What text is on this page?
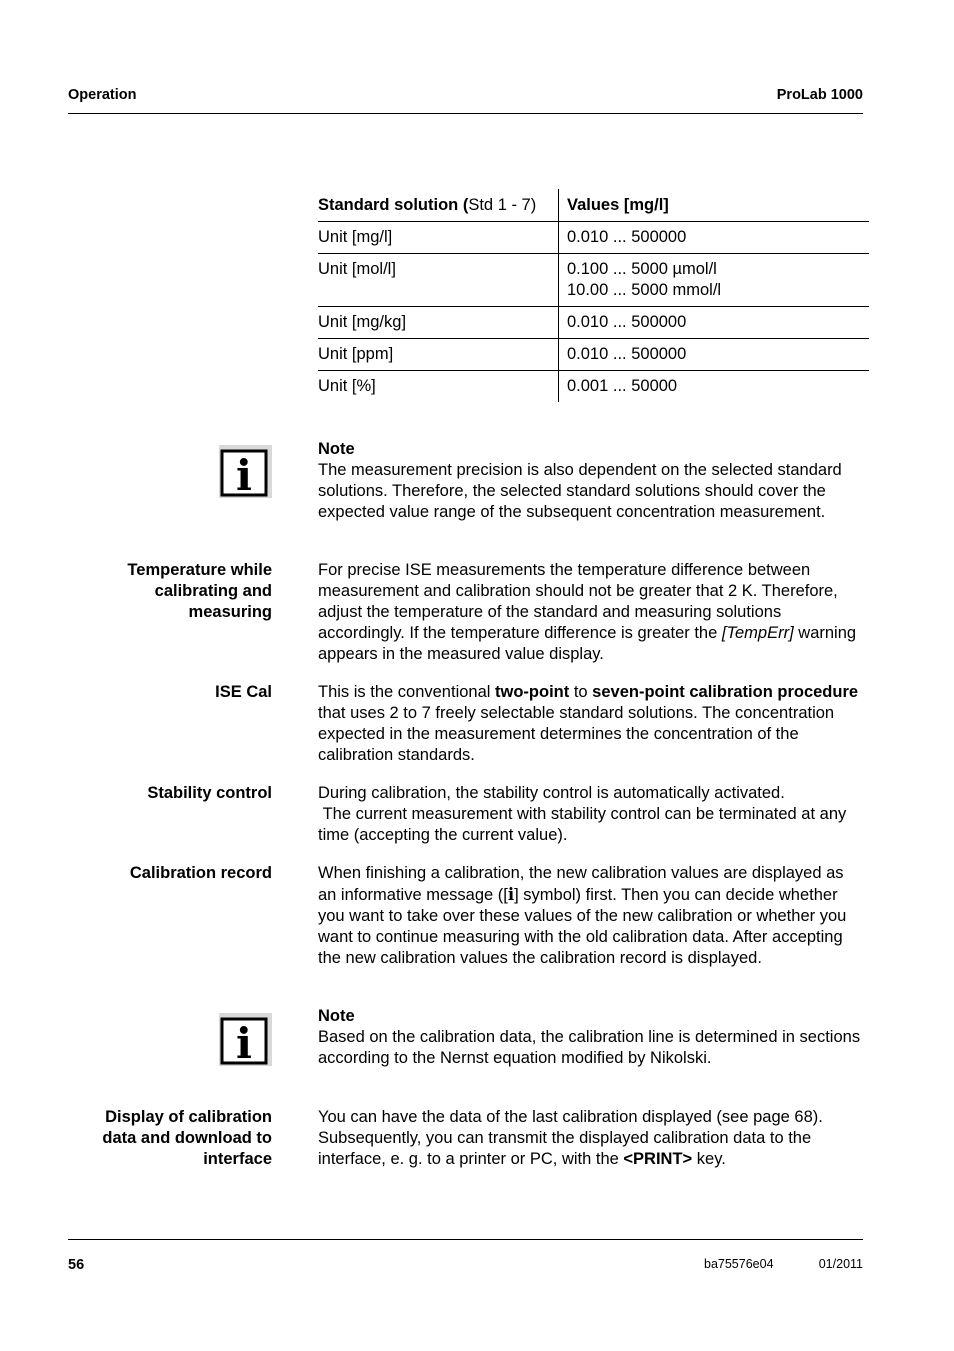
Operation	ProLab 1000
Standard solution (Std 1 - 7)	Values [mg/l]
Unit [mg/l]	0.010 ... 500000
Unit [mol/l]	0.100 ... 5000 µmol/l
10.00 ... 5000 mmol/l
Unit [mg/kg]	0.010 ... 500000
Unit [ppm]	0.010 ... 500000
Unit [%]	0.001 ... 50000
i
Note
The measurement precision is also dependent on the selected standard solutions. Therefore, the selected standard solutions should cover the expected value range of the subsequent concentration measurement.
Temperature while
calibrating and
measuring
For precise ISE measurements the temperature difference between measurement and calibration should not be greater that 2 K. Therefore, adjust the temperature of the standard and measuring solutions accordingly. If the temperature difference is greater the [TempErr] warning appears in the measured value display.
ISE Cal	This is the conventional two-point to seven-point calibration procedure that uses 2 to 7 freely selectable standard solutions. The concentration expected in the measurement determines the concentration of the calibration standards.
Stability control	During calibration, the stability control is automatically activated.
The current measurement with stability control can be terminated at any time (accepting the current value).
Calibration record	When finishing a calibration, the new calibration values are displayed as an informative message ([i] symbol) first. Then you can decide whether you want to take over these values of the new calibration or whether you want to continue measuring with the old calibration data. After accepting the new calibration values the calibration record is displayed.
i
Note
Based on the calibration data, the calibration line is determined in sections according to the Nernst equation modified by Nikolski.
Display of calibration
data and download to
interface
You can have the data of the last calibration displayed (see page 68). Subsequently, you can transmit the displayed calibration data to the interface, e. g. to a printer or PC, with the <PRINT> key.
56	ba75576e04	01/2011
